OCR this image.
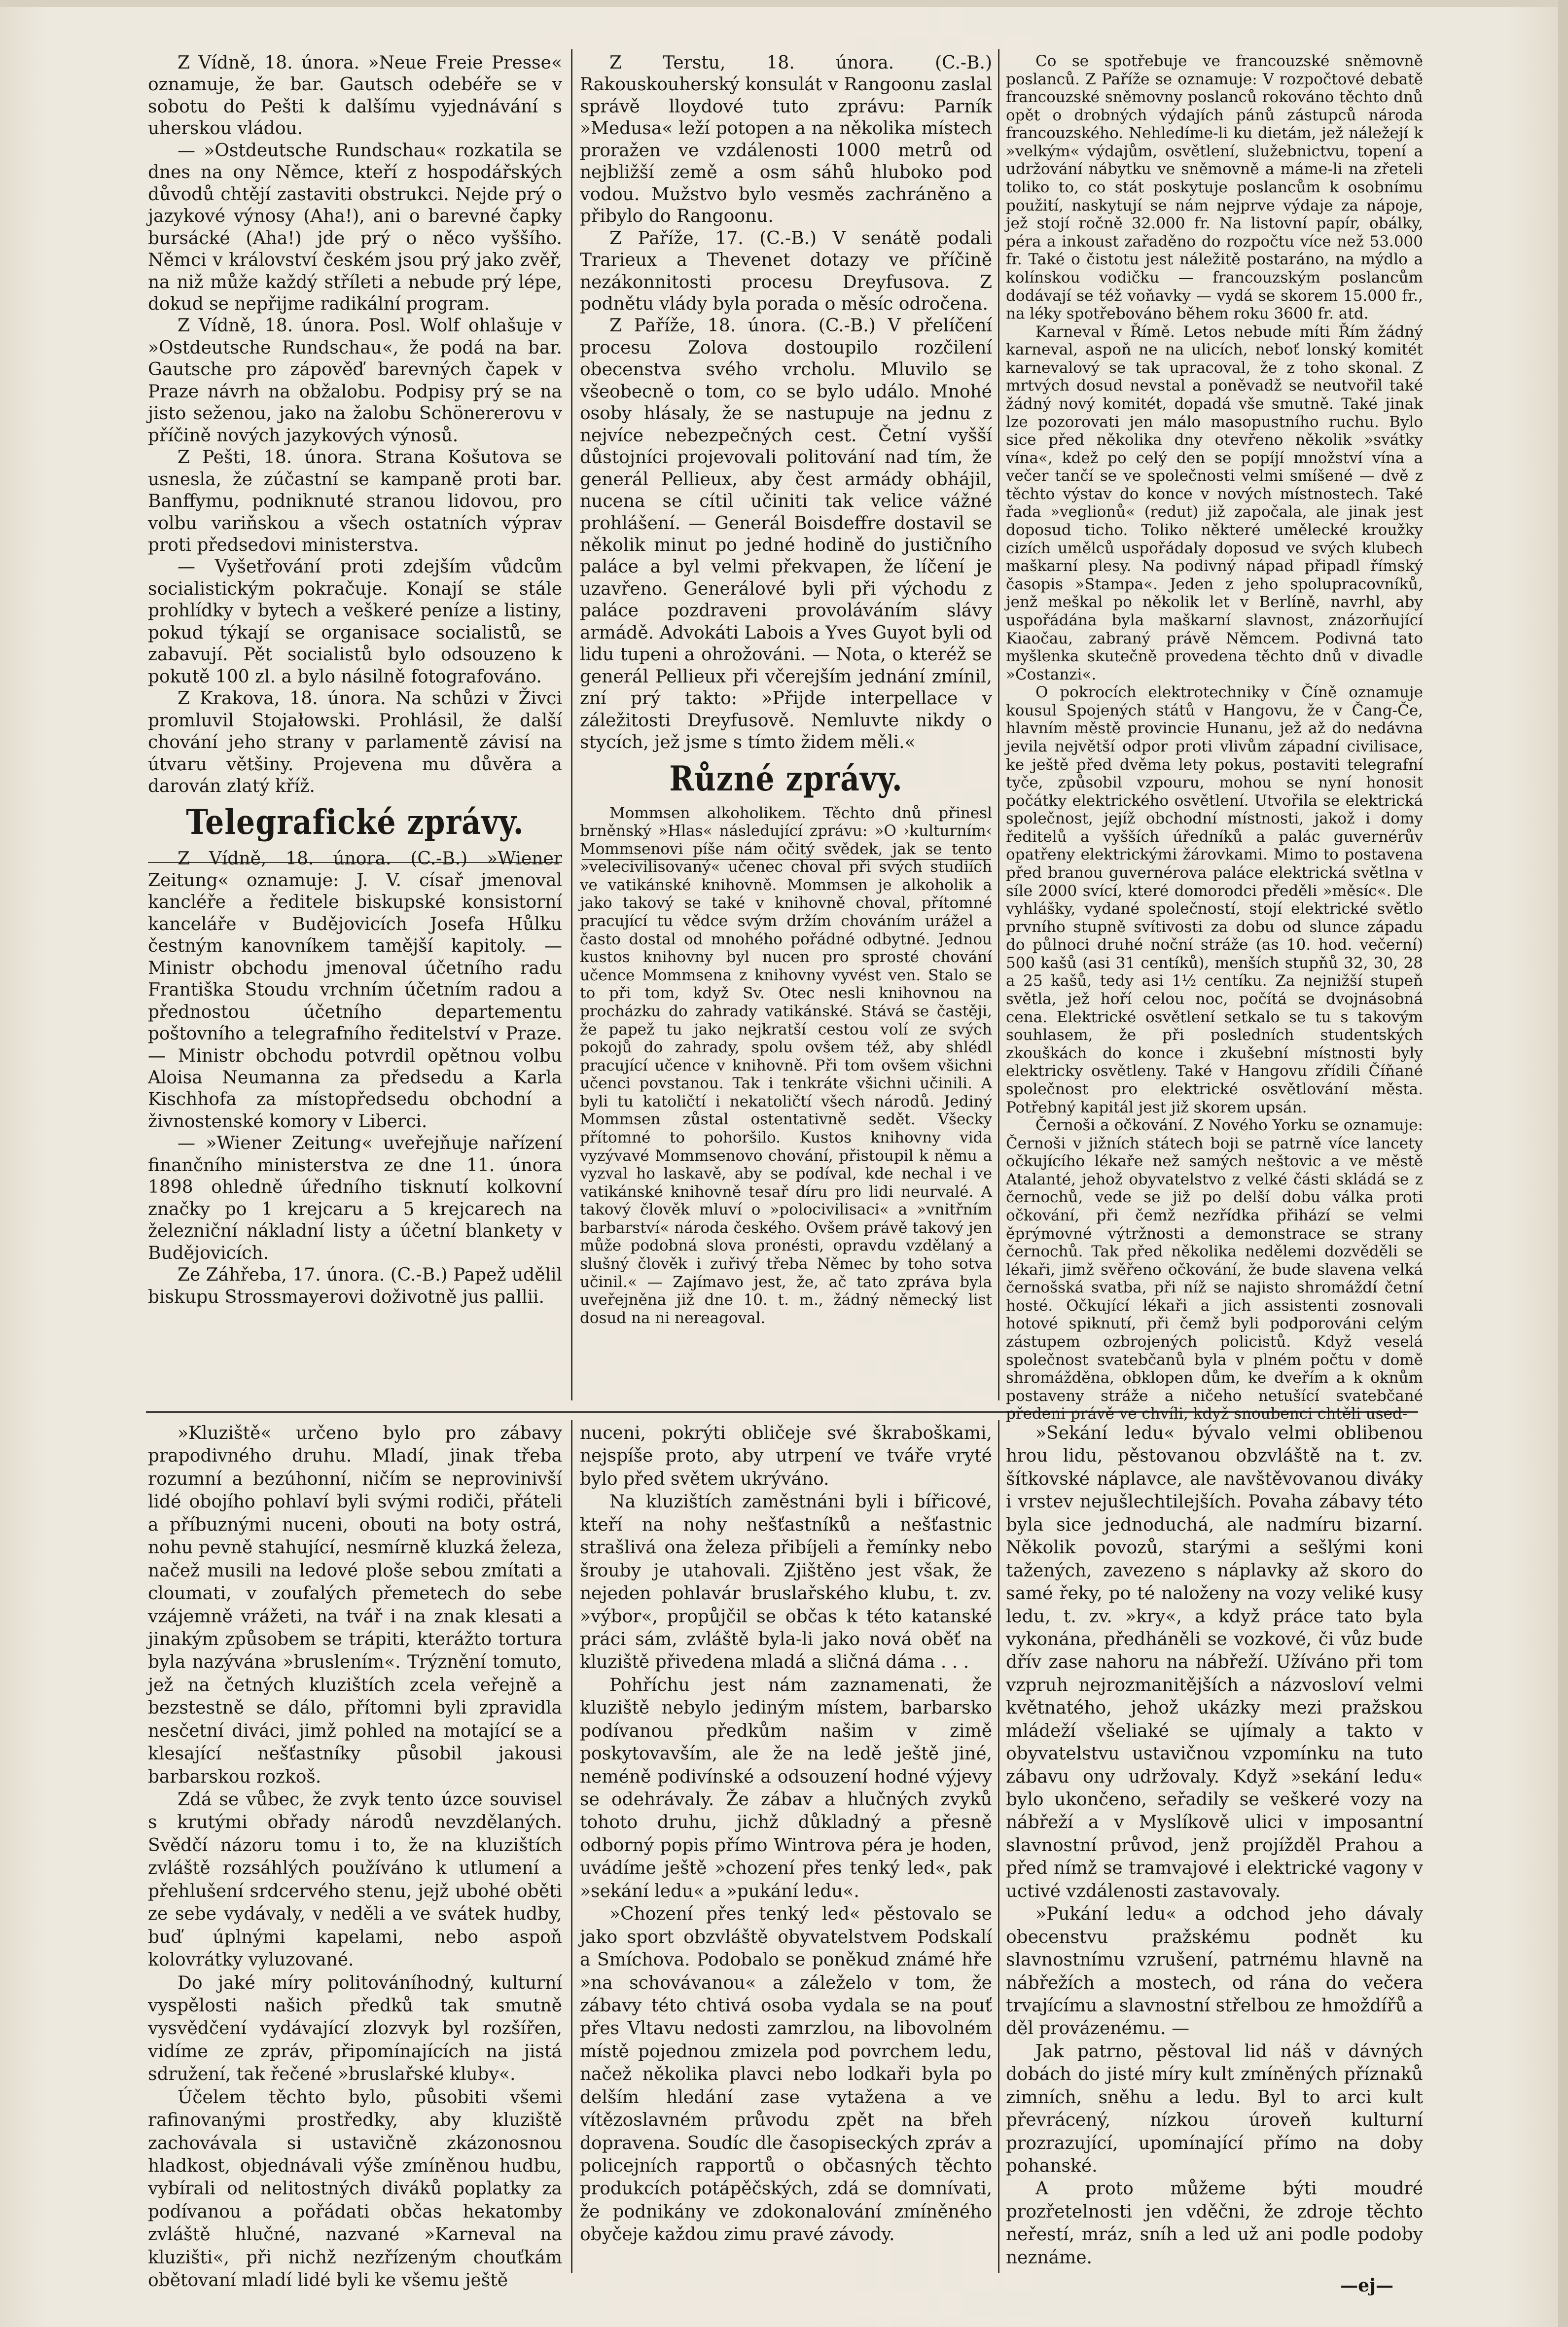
Z Vídně, 18. února. »Neue Freie Presse« oznamuje, že bar. Gautsch odebéře se v sobotu do Pešti k dalšímu vyjednávání s uherskou vládou.

— »Ostdeutsche Rundschau« rozkatila se dnes na ony Němce, kteří z hospodářských důvodů chtějí zastaviti obstrukci. Nejde prý o jazykové výnosy (Aha!), ani o barevné čapky bursácké (Aha!) jde prý o něco vyššího. Němci v království českém jsou prý jako zvěř, na niž může každý stříleti a nebude prý lépe, dokud se nepřijme radikální program.

Z Vídně, 18. února. Posl. Wolf ohlašuje v »Ostdeutsche Rundschau«, že podá na bar. Gautsche pro zápověď barevných čapek v Praze návrh na obžalobu. Podpisy prý se na jisto seženou, jako na žalobu Schönererovu v příčině nových jazykových výnosů.

Z Pešti, 18. února. Strana Košutova se usnesla, že zúčastní se kampaně proti bar. Banffymu, podniknuté stranou lidovou, pro volbu variňskou a všech ostatních výprav proti předsedovi ministerstva.

— Vyšetřování proti zdejším vůdcům socialistickým pokračuje. Konají se stále prohlídky v bytech a veškeré peníze a listiny, pokud týkají se organisace socialistů, se zabavují. Pět socialistů bylo odsouzeno k pokutě 100 zl. a bylo násilně fotografováno.

Z Krakova, 18. února. Na schůzi v Živci promluvil Stojałowski. Prohlásil, že další chování jeho strany v parlamentě závisí na útvaru většiny. Projevena mu důvěra a darován zlatý kříž.

Telegrafické zprávy.

Z Vídně, 18. února. (C.-B.) »Wiener Zeitung« oznamuje: J. V. císař jmenoval kancléře a ředitele biskupské konsistorní kanceláře v Budějovicích Josefa Hůlku čestným kanovníkem tamější kapitoly. — Ministr obchodu jmenoval účetního radu Františka Stoudu vrchním účetním radou a přednostou účetního departementu poštovního a telegrafního ředitelství v Praze. — Ministr obchodu potvrdil opětnou volbu Aloisa Neumanna za předsedu a Karla Kischhofa za místopředsedu obchodní a živnostenské komory v Liberci.

— »Wiener Zeitung« uveřejňuje nařízení finančního ministerstva ze dne 11. února 1898 ohledně úředního tisknutí kolkovní značky po 1 krejcaru a 5 krejcarech na železniční nákladní listy a účetní blankety v Budějovicích.

Ze Záhřeba, 17. února. (C.-B.) Papež udělil biskupu Strossmayerovi doživotně jus pallii.

Z Terstu, 18. února. (C.-B.) Rakouskouherský konsulát v Rangoonu zaslal správě lloydové tuto zprávu: Parník »Medusa« leží potopen a na několika místech proražen ve vzdálenosti 1000 metrů od nejbližší země a osm sáhů hluboko pod vodou. Mužstvo bylo vesměs zachráněno a přibylo do Rangoonu.

Z Paříže, 17. (C.-B.) V senátě podali Trarieux a Thevenet dotazy ve příčině nezákonnitosti procesu Dreyfusova. Z podnětu vlády byla porada o měsíc odročena.

Z Paříže, 18. února. (C.-B.) V přelíčení procesu Zolova dostoupilo rozčilení obecenstva svého vrcholu. Mluvilo se všeobecně o tom, co se bylo událo. Mnohé osoby hlásaly, že se nastupuje na jednu z nejvíce nebezpečných cest. Četní vyšší důstojníci projevovali politování nad tím, že generál Pellieux, aby čest armády obhájil, nucena se cítil učiniti tak velice vážné prohlášení. — Generál Boisdeffre dostavil se několik minut po jedné hodině do justičního paláce a byl velmi překvapen, že líčení je uzavřeno. Generálové byli při východu z paláce pozdraveni provoláváním slávy armádě. Advokáti Labois a Yves Guyot byli od lidu tupeni a ohrožováni. — Nota, o kteréž se generál Pellieux při včerejším jednání zmínil, zní prý takto: »Přijde interpellace v záležitosti Dreyfusově. Nemluvte nikdy o stycích, jež jsme s tímto židem měli.«

Různé zprávy.

Mommsen alkoholikem. Těchto dnů přinesl brněnský »Hlas« následující zprávu: »O ›kulturním‹ Mommsenovi píše nám očitý svědek, jak se tento »velecivilisovaný« učenec choval při svých studiích ve vatikánské knihovně. Mommsen je alkoholik a jako takový se také v knihovně choval, přítomné pracující tu vědce svým držím chováním urážel a často dostal od mnohého pořádné odbytné. Jednou kustos knihovny byl nucen pro sprosté chování učence Mommsena z knihovny vyvést ven. Stalo se to při tom, když Sv. Otec nesli knihovnou na procházku do zahrady vatikánské. Stává se častěji, že papež tu jako nejkratší cestou volí ze svých pokojů do zahrady, spolu ovšem též, aby shlédl pracující učence v knihovně. Při tom ovšem všichni učenci povstanou. Tak i tenkráte všichni učinili. A byli tu katoličtí i nekatoličtí všech národů. Jediný Mommsen zůstal ostentativně sedět. Všecky přítomné to pohoršilo. Kustos knihovny vida vyzývavé Mommsenovo chování, přistoupil k němu a vyzval ho laskavě, aby se podíval, kde nechal i ve vatikánské knihovně tesař díru pro lidi neurvalé. A takový člověk mluví o »polocivilisaci« a »vnitřním barbarství« národa českého. Ovšem právě takový jen může podobná slova pronésti, opravdu vzdělaný a slušný člověk i zuřivý třeba Němec by toho sotva učinil.« — Zajímavo jest, že, ač tato zpráva byla uveřejněna již dne 10. t. m., žádný německý list dosud na ni nereagoval.

Co se spotřebuje ve francouzské sněmovně poslanců. Z Paříže se oznamuje: V rozpočtové debatě francouzské sněmovny poslanců rokováno těchto dnů opět o drobných výdajích pánů zástupců národa francouzského. Nehledíme-li ku dietám, jež náležejí k »velkým« výdajům, osvětlení, služebnictvu, topení a udržování nábytku ve sněmovně a máme-li na zřeteli toliko to, co stát poskytuje poslancům k osobnímu použití, naskytují se nám nejprve výdaje za nápoje, jež stojí ročně 32.000 fr. Na listovní papír, obálky, péra a inkoust zařaděno do rozpočtu více než 53.000 fr. Také o čistotu jest náležitě postaráno, na mýdlo a kolínskou vodičku — francouzským poslancům dodávají se též voňavky — vydá se skorem 15.000 fr., na léky spotřebováno během roku 3600 fr. atd.

Karneval v Římě. Letos nebude míti Řím žádný karneval, aspoň ne na ulicích, neboť lonský komitét karnevalový se tak upracoval, že z toho skonal. Z mrtvých dosud nevstal a poněvadž se neutvořil také žádný nový komitét, dopadá vše smutně. Také jinak lze pozorovati jen málo masopustního ruchu. Bylo sice před několika dny otevřeno několik »svátky vína«, kdež po celý den se popíjí množství vína a večer tančí se ve společnosti velmi smíšené — dvě z těchto výstav do konce v nových místnostech. Také řada »veglionů« (redut) již započala, ale jinak jest doposud ticho. Toliko některé umělecké kroužky cizích umělců uspořádaly doposud ve svých klubech maškarní plesy. Na podivný nápad připadl římský časopis »Stampa«. Jeden z jeho spolupracovníků, jenž meškal po několik let v Berlíně, navrhl, aby uspořádána byla maškarní slavnost, znázorňující Kiaočau, zabraný právě Němcem. Podivná tato myšlenka skutečně provedena těchto dnů v divadle »Costanzi«.

O pokrocích elektrotechniky v Číně oznamuje kousul Spojených států v Hangovu, že v Čang-Če, hlavním městě provincie Hunanu, jež až do nedávna jevila největší odpor proti vlivům západní civilisace, ke ještě před dvěma lety pokus, postaviti telegrafní tyče, způsobil vzpouru, mohou se nyní honosit počátky elektrického osvětlení. Utvořila se elektrická společnost, jejíž obchodní místnosti, jakož i domy ředitelů a vyšších úředníků a palác guvernérův opatřeny elektrickými žárovkami. Mimo to postavena před branou guvernérova paláce elektrická světlna v síle 2000 svící, které domorodci předěli »měsíc«. Dle vyhlášky, vydané společností, stojí elektrické světlo prvního stupně svítivosti za dobu od slunce západu do půlnoci druhé noční stráže (as 10. hod. večerní) 500 kašů (asi 31 centíků), menších stupňů 32, 30, 28 a 25 kašů, tedy asi 1½ centíku. Za nejnižší stupeň světla, jež hoří celou noc, počítá se dvojnásobná cena. Elektrické osvětlení setkalo se tu s takovým souhlasem, že při posledních studentských zkouškách do konce i zkušební místnosti byly elektricky osvětleny. Také v Hangovu zřídili Číňané společnost pro elektrické osvětlování města. Potřebný kapitál jest již skorem upsán.

Černoši a očkování. Z Nového Yorku se oznamuje: Černoši v jižních státech boji se patrně více lancety očkujícího lékaře než samých neštovic a ve městě Atalanté, jehož obyvatelstvo z velké části skládá se z černochů, vede se již po delší dobu válka proti očkování, při čemž nezřídka přihází se velmi ěprýmovné výtržnosti a demonstrace se strany černochů. Tak před několika nedělemi dozvěděli se lékaři, jimž svěřeno očkování, že bude slavena velká černošská svatba, při níž se najisto shromáždí četní hosté. Očkující lékaři a jich assistenti zosnovali hotové spiknutí, při čemž byli podporováni celým zástupem ozbrojených policistů. Když veselá společnost svatebčanů byla v plném počtu v domě shromážděna, obklopen dům, ke dveřím a k oknům postaveny stráže a ničeho netušící svatebčané předeni právě ve chvíli, když snoubenci chtěli used-

»Kluziště« určeno bylo pro zábavy prapodivného druhu. Mladí, jinak třeba rozumní a bezúhonní, ničím se neprovinivší lidé obojího pohlaví byli svými rodiči, přáteli a příbuznými nuceni, obouti na boty ostrá, nohu pevně stahující, nesmírně kluzká železa, načež musili na ledové ploše sebou zmítati a cloumati, v zoufalých přemetech do sebe vzájemně vrážeti, na tvář i na znak klesati a jinakým způsobem se trápiti, kterážto tortura byla nazývána »bruslením«. Trýznění tomuto, jež na četných kluzištích zcela veřejně a bezstestně se dálo, přítomni byli zpravidla nesčetní diváci, jimž pohled na motající se a klesající nešťastníky působil jakousi barbarskou rozkoš.

Zdá se vůbec, že zvyk tento úzce souvisel s krutými obřady národů nevzdělaných. Svědčí názoru tomu i to, že na kluzištích zvláště rozsáhlých používáno k utlumení a přehlušení srdcervého stenu, jejž ubohé oběti ze sebe vydávaly, v neděli a ve svátek hudby, buď úplnými kapelami, nebo aspoň kolovrátky vyluzované.

Do jaké míry politováníhodný, kulturní vyspělosti našich předků tak smutně vysvědčení vydávající zlozvyk byl rozšířen, vidíme ze zpráv, připomínajících na jistá sdružení, tak řečené »bruslařské kluby«.

Účelem těchto bylo, působiti všemi rafinovanými prostředky, aby kluziště zachovávala si ustavičně zkázonosnou hladkost, objednávali výše zmíněnou hudbu, vybírali od nelitostných diváků poplatky za podívanou a pořádati občas hekatomby zvláště hlučné, nazvané »Karneval na kluzišti«, při nichž nezřízeným chouťkám obětovaní mladí lidé byli ke všemu ještě

nuceni, pokrýti obličeje své škraboškami, nejspíše proto, aby utrpení ve tváře vryté bylo před světem ukrýváno.

Na kluzištích zaměstnáni byli i bířicové, kteří na nohy nešťastníků a nešťastnic strašlivá ona železa přibíjeli a řemínky nebo šrouby je utahovali. Zjištěno jest však, že nejeden pohlavár bruslařského klubu, t. zv. »výbor«, propůjčil se občas k této katanské práci sám, zvláště byla-li jako nová oběť na kluziště přivedena mladá a sličná dáma . . .

Pohříchu jest nám zaznamenati, že kluziště nebylo jediným místem, barbarsko podívanou předkům našim v zimě poskytovavším, ale že na ledě ještě jiné, neméně podivínské a odsouzení hodné výjevy se odehrávaly. Že zábav a hlučných zvyků tohoto druhu, jichž důkladný a přesně odborný popis přímo Wintrova péra je hoden, uvádíme ještě »chození přes tenký led«, pak »sekání ledu« a »pukání ledu«.

»Chození přes tenký led« pěstovalo se jako sport obzvláště obyvatelstvem Podskalí a Smíchova. Podobalo se poněkud známé hře »na schovávanou« a záleželo v tom, že zábavy této chtivá osoba vydala se na pouť přes Vltavu nedosti zamrzlou, na libovolném místě pojednou zmizela pod povrchem ledu, načež několika plavci nebo lodkaři byla po delším hledání zase vytažena a ve vítězoslavném průvodu zpět na břeh dopravena. Soudíc dle časopiseckých zpráv a policejních rapportů o občasných těchto produkcích potápěčských, zdá se domnívati, že podnikány ve zdokonalování zmíněného obyčeje každou zimu pravé závody.

»Sekání ledu« bývalo velmi oblibenou hrou lidu, pěstovanou obzvláště na t. zv. šítkovské náplavce, ale navštěvovanou diváky i vrstev nejušlechtilejších. Povaha zábavy této byla sice jednoduchá, ale nadmíru bizarní. Několik povozů, starými a sešlými koni tažených, zavezeno s náplavky až skoro do samé řeky, po té naloženy na vozy veliké kusy ledu, t. zv. »kry«, a když práce tato byla vykonána, předháněli se vozkové, či vůz bude dřív zase nahoru na nábřeží. Užíváno při tom vzpruh nejrozmanitějších a názvosloví velmi květnatého, jehož ukázky mezi pražskou mládeží všeliaké se ujímaly a takto v obyvatelstvu ustavičnou vzpomínku na tuto zábavu ony udržovaly. Když »sekání ledu« bylo ukončeno, seřadily se veškeré vozy na nábřeží a v Myslíkově ulici v imposantní slavnostní průvod, jenž projížděl Prahou a před nímž se tramvajové i elektrické vagony v uctivé vzdálenosti zastavovaly.

»Pukání ledu« a odchod jeho dávaly obecenstvu pražskému podnět ku slavnostnímu vzrušení, patrnému hlavně na nábřežích a mostech, od rána do večera trvajícímu a slavnostní střelbou ze hmoždířů a děl provázenému. —

Jak patrno, pěstoval lid náš v dávných dobách do jisté míry kult zmíněných příznaků zimních, sněhu a ledu. Byl to arci kult převrácený, nízkou úroveň kulturní prozrazující, upomínající přímo na doby pohanské.

A proto můžeme býti moudré prozřetelnosti jen vděčni, že zdroje těchto neřestí, mráz, sníh a led už ani podle podoby neznáme.

—ej—
